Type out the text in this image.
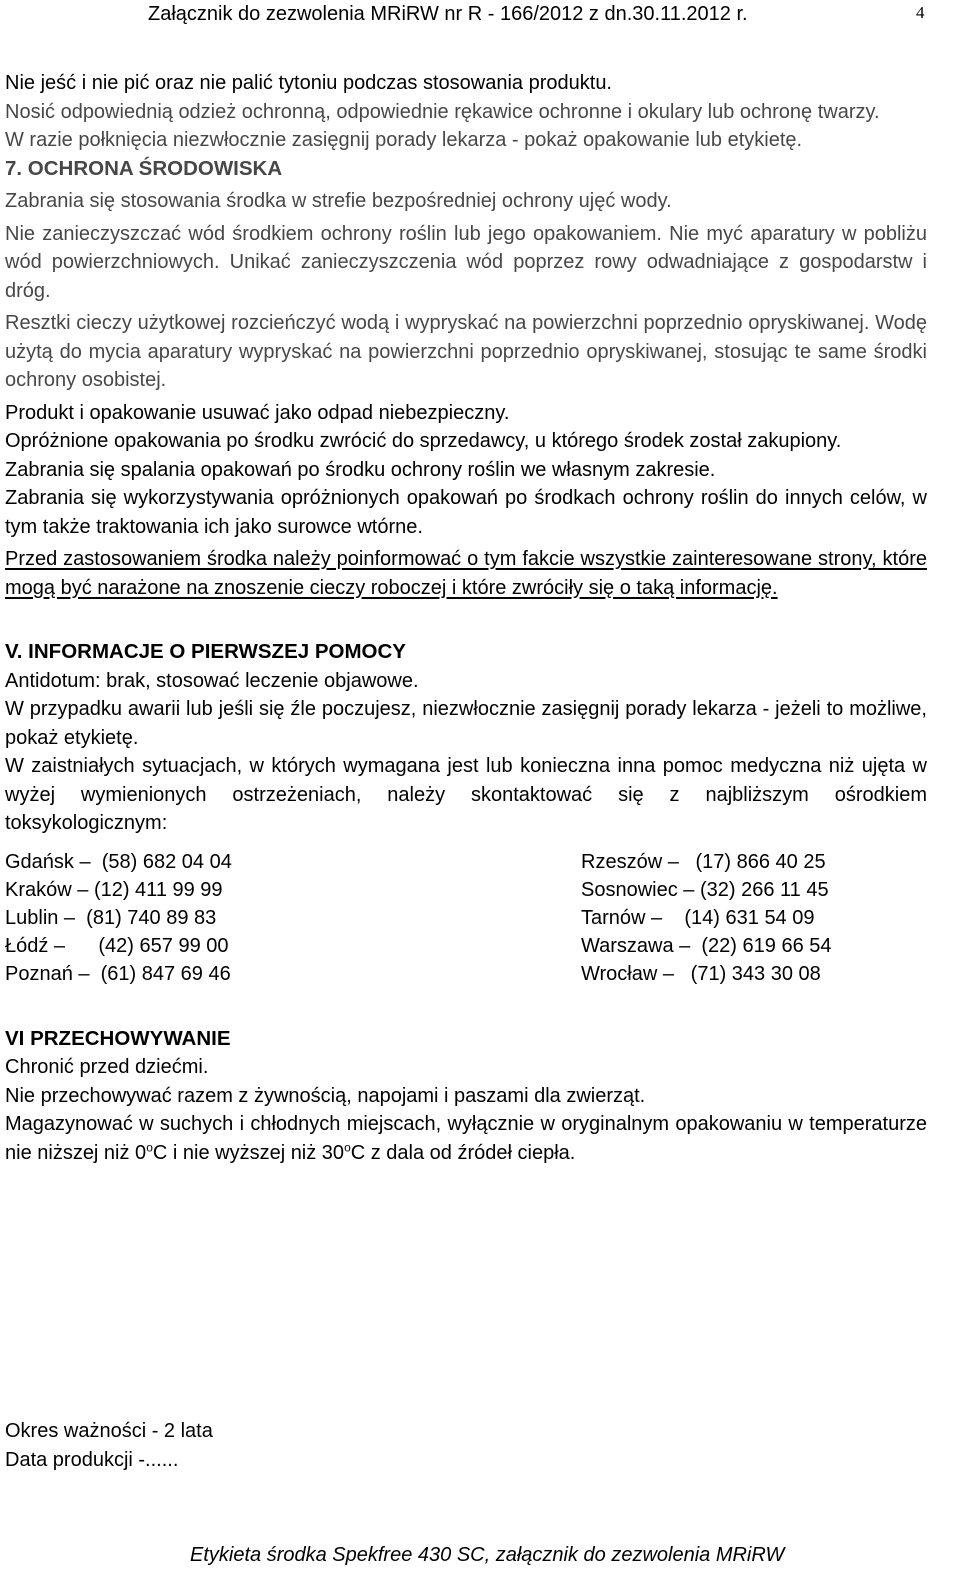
Załącznik do zezwolenia MRiRW nr R - 166/2012 z dn.30.11.2012 r.	4

Nie jeść i nie pić oraz nie palić tytoniu podczas stosowania produktu.

Nosić odpowiednią odzież ochronną, odpowiednie rękawice ochronne i okulary lub ochronę twarzy.

W razie połknięcia niezwłocznie zasięgnij porady lekarza - pokaż opakowanie lub etykietę.

7. OCHRONA ŚRODOWISKA

Zabrania się stosowania środka w strefie bezpośredniej ochrony ujęć wody.

Nie zanieczyszczać wód środkiem ochrony roślin lub jego opakowaniem. Nie myć aparatury w pobliżu wód powierzchniowych. Unikać zanieczyszczenia wód poprzez rowy odwadniające z gospodarstw i dróg.

Resztki cieczy użytkowej rozcieńczyć wodą i wypryskać na powierzchni poprzednio opryskiwanej. Wodę użytą do mycia aparatury wypryskać na powierzchni poprzednio opryskiwanej, stosując te same środki ochrony osobistej.

Produkt i opakowanie usuwać jako odpad niebezpieczny.

Opróżnione opakowania po środku zwrócić do sprzedawcy, u którego środek został zakupiony.

Zabrania się spalania opakowań po środku ochrony roślin we własnym zakresie.

Zabrania się wykorzystywania opróżnionych opakowań po środkach ochrony roślin do innych celów, w tym także traktowania ich jako surowce wtórne.

Przed zastosowaniem środka należy poinformować o tym fakcie wszystkie zainteresowane strony, które mogą być narażone na znoszenie cieczy roboczej i które zwróciły się o taką informację.

V. INFORMACJE O PIERWSZEJ POMOCY

Antidotum: brak, stosować leczenie objawowe.

W przypadku awarii lub jeśli się źle poczujesz, niezwłocznie zasięgnij porady lekarza - jeżeli to możliwe, pokaż etykietę.

W zaistniałych sytuacjach, w których wymagana jest lub konieczna inna pomoc medyczna niż ujęta w wyżej wymienionych ostrzeżeniach, należy skontaktować się z najbliższym ośrodkiem toksykologicznym:

Gdańsk – (58) 682 04 04
Kraków – (12) 411 99 99
Lublin – (81) 740 89 83
Łódź – (42) 657 99 00
Poznań – (61) 847 69 46
Rzeszów – (17) 866 40 25
Sosnowiec – (32) 266 11 45
Tarnów – (14) 631 54 09
Warszawa – (22) 619 66 54
Wrocław – (71) 343 30 08
VI PRZECHOWYWANIE

Chronić przed dziećmi.

Nie przechowywać razem z żywnością, napojami i paszami dla zwierząt.

Magazynować w suchych i chłodnych miejscach, wyłącznie w oryginalnym opakowaniu w temperaturze nie niższej niż 0$^o$C i nie wyższej niż 30$^o$C z dala od źródeł ciepła.

Okres ważności - 2 lata
Data produkcji -......
Etykieta środka Spekfree 430 SC, załącznik do zezwolenia MRiRW
